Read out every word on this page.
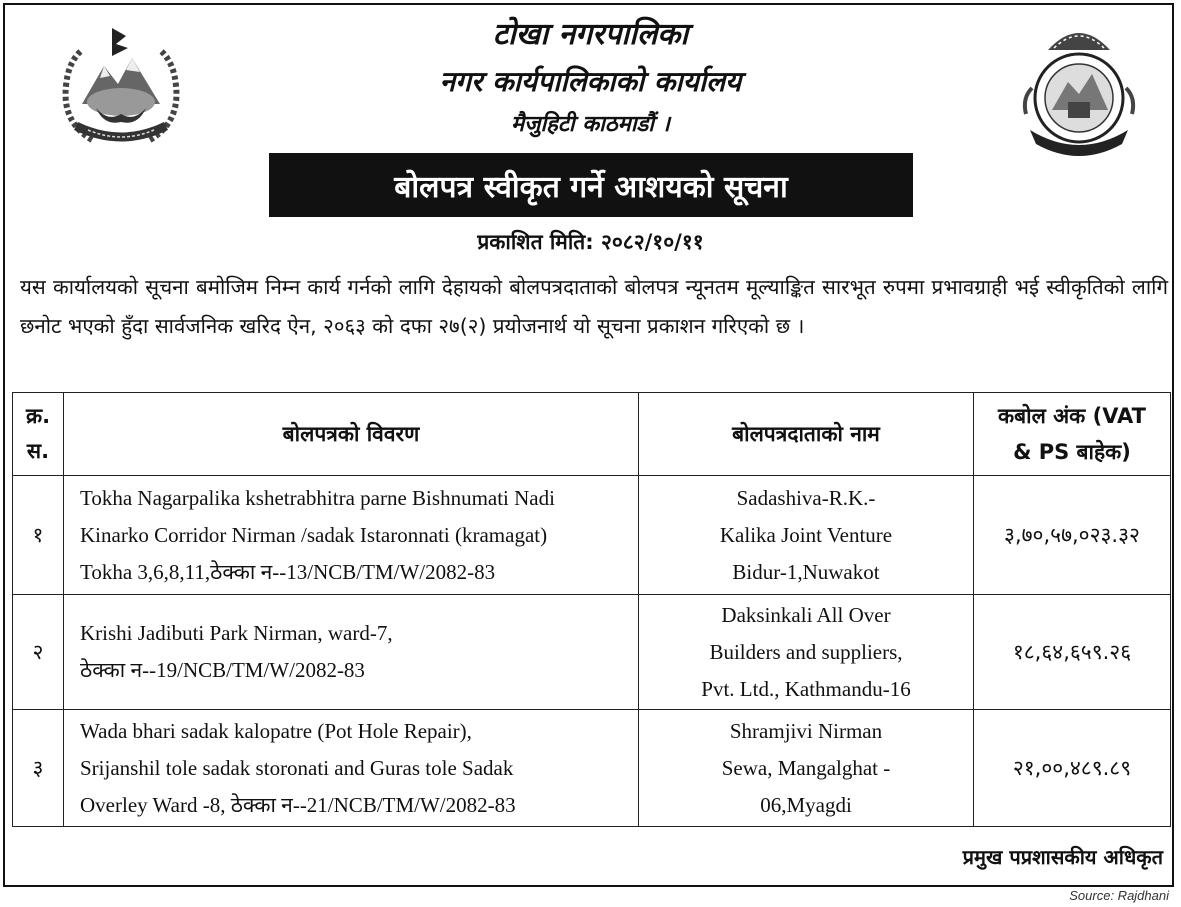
टोखा नगरपालिका
नगर कार्यपालिकाको कार्यालय
मैजुहिटी काठमाडौं ।
बोलपत्र स्वीकृत गर्ने आशयको सूचना
प्रकाशित मिति: २०८२/१०/११
यस कार्यालयको सूचना बमोजिम निम्न कार्य गर्नको लागि देहायको बोलपत्रदाताको बोलपत्र न्यूनतम मूल्याङ्कित सारभूत रुपमा प्रभावग्राही भई स्वीकृतिको लागि छनोट भएको हुँदा सार्वजनिक खरिद ऐन, २०६३ को दफा २७(२) प्रयोजनार्थ यो सूचना प्रकाशन गरिएको छ ।
क्र.
स.	बोलपत्रको विवरण	बोलपत्रदाताको नाम	कबोल अंक (VAT
& PS बाहेक)
१	Tokha Nagarpalika kshetrabhitra parne Bishnumati Nadi
Kinarko Corridor Nirman /sadak Istaronnati (kramagat)
Tokha 3,6,8,11,ठेक्का न--13/NCB/TM/W/2082-83	Sadashiva-R.K.-
Kalika Joint Venture
Bidur-1,Nuwakot	३,७०,५७,०२३.३२
२	Krishi Jadibuti Park Nirman, ward-7,
ठेक्का न--19/NCB/TM/W/2082-83	Daksinkali All Over
Builders and suppliers,
Pvt. Ltd., Kathmandu-16	१८,६४,६५९.२६
३	Wada bhari sadak kalopatre (Pot Hole Repair),
Srijanshil tole sadak storonati and Guras tole Sadak
Overley Ward -8, ठेक्का न--21/NCB/TM/W/2082-83	Shramjivi Nirman
Sewa, Mangalghat -
06,Myagdi	२१,००,४८९.८९
प्रमुख पप्रशासकीय अधिकृत
Source: Rajdhani
